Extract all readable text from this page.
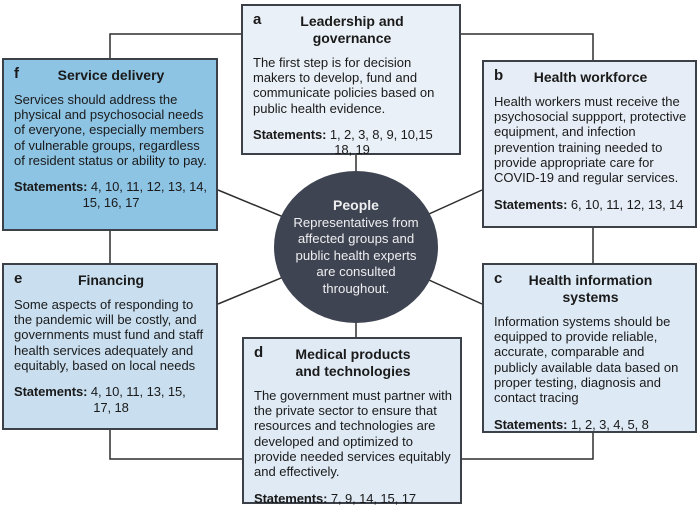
a	Leadership and governance
The first step is for decision makers to develop, fund and communicate policies based on public health evidence.
Statements: 1, 2, 3, 8, 9, 10,15
18, 19
b	Health workforce
Health workers must receive the psychosocial suppport, protective equipment, and infection prevention training needed to provide appropriate care for COVID-19 and regular services.
Statements: 6, 10, 11, 12, 13, 14
c	Health information systems
Information systems should be equipped to provide reliable, accurate, comparable and publicly available data based on proper testing, diagnosis and contact tracing
Statements: 1, 2, 3, 4, 5, 8
d	Medical products and technologies
The government must partner with the private sector to ensure that resources and technologies are developed and optimized to provide needed services equitably and effectively.
Statements: 7, 9, 14, 15, 17
e	Financing
Some aspects of responding to the pandemic will be costly, and governments must fund and staff health services adequately and equitably, based on local needs
Statements: 4, 10, 11, 13, 15,
17, 18
f	Service delivery
Services should address the physical and psychosocial needs of everyone, especially members of vulnerable groups, regardless of resident status or ability to pay.
Statements: 4, 10, 11, 12, 13, 14,
15, 16, 17	People
Representatives from affected groups and public health experts are consulted throughout.
